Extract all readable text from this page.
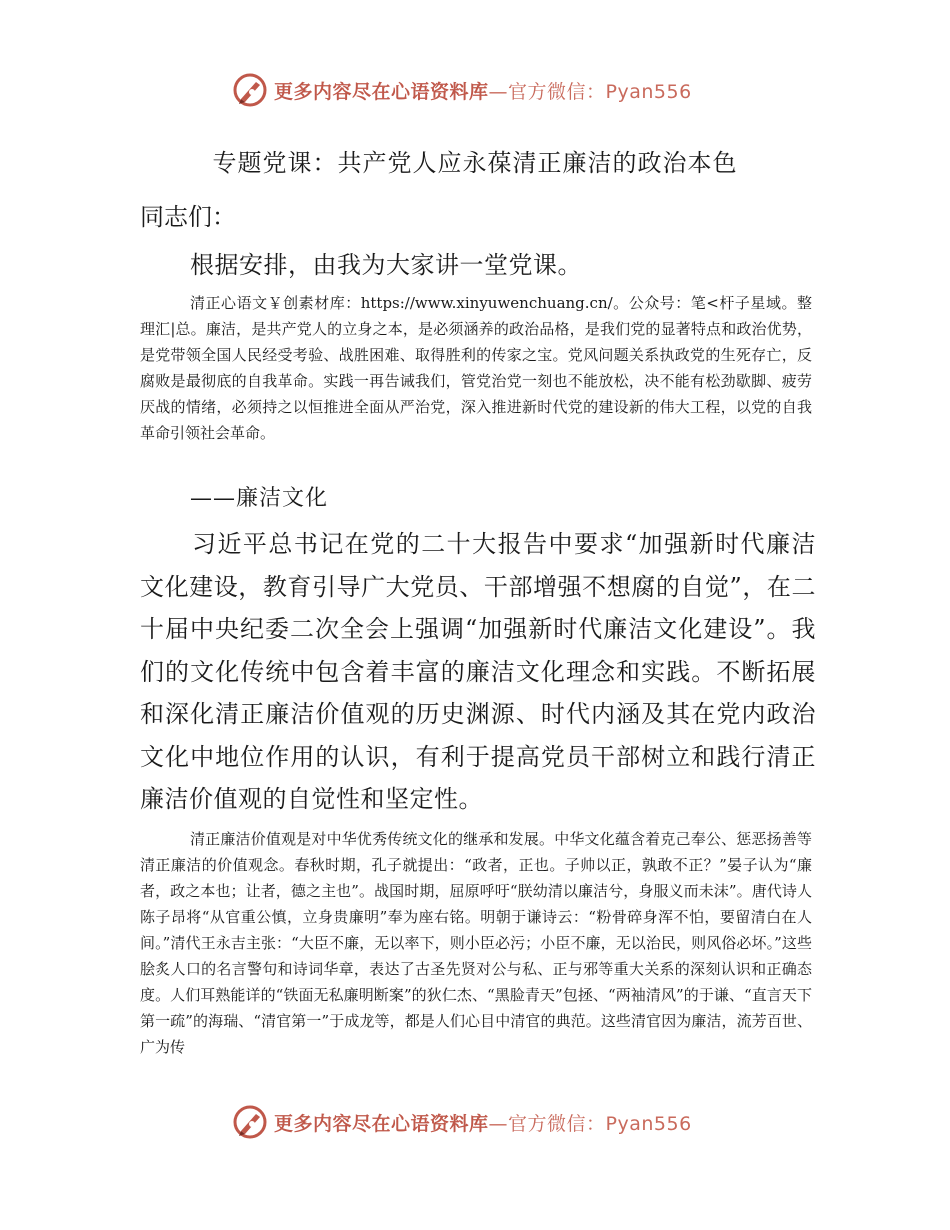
更多内容尽在心语资料库—官方微信：Pyan556
专题党课：共产党人应永葆清正廉洁的政治本色
同志们：
根据安排，由我为大家讲一堂党课。

清正心语文￥创素材库：https://www.xinyuwenchuang.cn/。公众号：笔<杆子星域。整理汇|总。廉洁，是共产党人的立身之本，是必须涵养的政治品格，是我们党的显著特点和政治优势，是党带领全国人民经受考验、战胜困难、取得胜利的传家之宝。党风问题关系执政党的生死存亡，反腐败是最彻底的自我革命。实践一再告诫我们，管党治党一刻也不能放松，决不能有松劲歇脚、疲劳厌战的情绪，必须持之以恒推进全面从严治党，深入推进新时代党的建设新的伟大工程，以党的自我革命引领社会革命。

——廉洁文化

习近平总书记在党的二十大报告中要求“加强新时代廉洁文化建设，教育引导广大党员、干部增强不想腐的自觉”，在二十届中央纪委二次全会上强调“加强新时代廉洁文化建设”。我们的文化传统中包含着丰富的廉洁文化理念和实践。不断拓展和深化清正廉洁价值观的历史渊源、时代内涵及其在党内政治文化中地位作用的认识，有利于提高党员干部树立和践行清正廉洁价值观的自觉性和坚定性。

清正廉洁价值观是对中华优秀传统文化的继承和发展。中华文化蕴含着克己奉公、惩恶扬善等清正廉洁的价值观念。春秋时期，孔子就提出：“政者，正也。子帅以正，孰敢不正？”晏子认为“廉者，政之本也；让者，德之主也”。战国时期，屈原呼吁“朕幼清以廉洁兮，身服义而未沫”。唐代诗人陈子昂将“从官重公慎，立身贵廉明”奉为座右铭。明朝于谦诗云：“粉骨碎身浑不怕，要留清白在人间。”清代王永吉主张：“大臣不廉，无以率下，则小臣必污；小臣不廉，无以治民，则风俗必坏。”这些脍炙人口的名言警句和诗词华章，表达了古圣先贤对公与私、正与邪等重大关系的深刻认识和正确态度。人们耳熟能详的“铁面无私廉明断案”的狄仁杰、“黑脸青天”包拯、“两袖清风”的于谦、“直言天下第一疏”的海瑞、“清官第一”于成龙等，都是人们心目中清官的典范。这些清官因为廉洁，流芳百世、广为传

更多内容尽在心语资料库—官方微信：Pyan556
